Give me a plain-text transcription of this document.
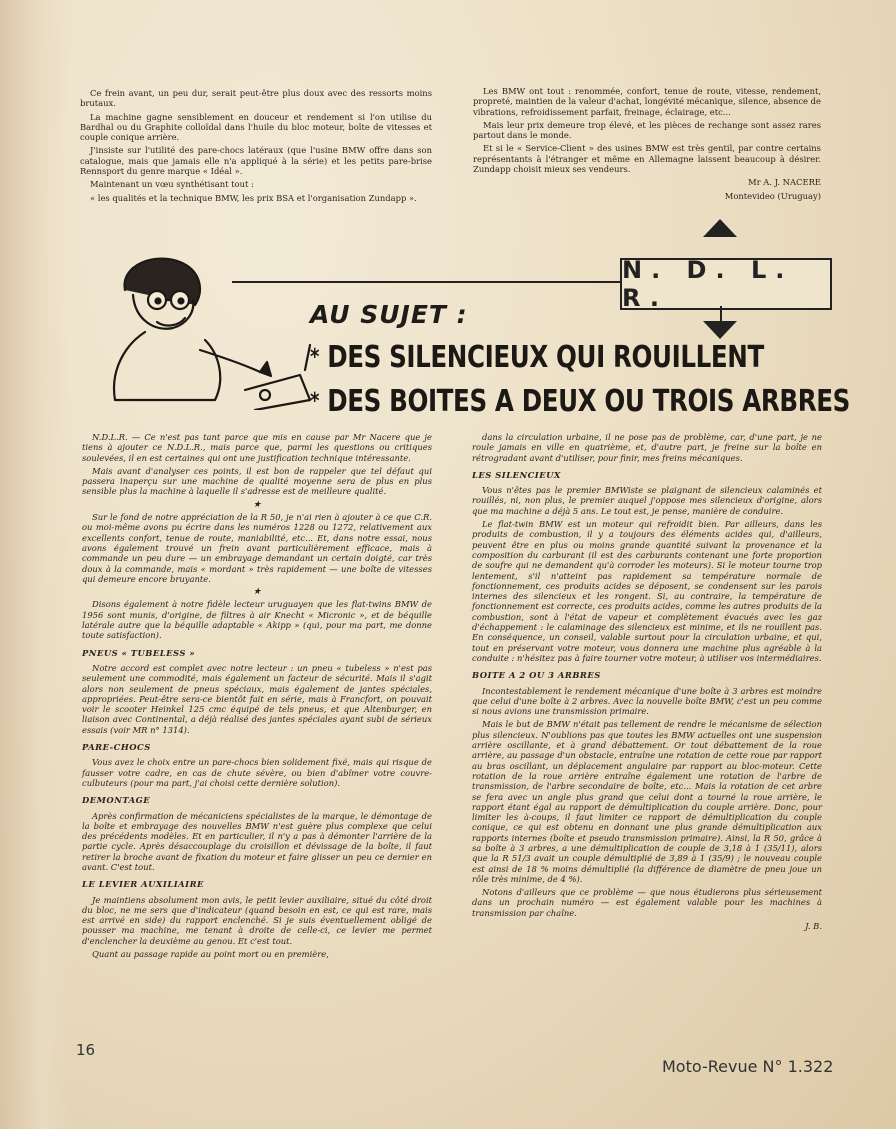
Ce frein avant, un peu dur, serait peut-être plus doux avec des ressorts moins brutaux.

La machine gagne sensiblement en douceur et rendement si l'on utilise du Bardhal ou du Graphite colloïdal dans l'huile du bloc moteur, boîte de vitesses et couple conique arrière.

J'insiste sur l'utilité des pare-chocs latéraux (que l'usine BMW offre dans son catalogue, mais que jamais elle n'a appliqué à la série) et les petits pare-brise Rennsport du genre marque « Idéal ».

Maintenant un vœu synthétisant tout :

« les qualités et la technique BMW, les prix BSA et l'organisation Zundapp ».

Les BMW ont tout : renommée, confort, tenue de route, vitesse, rendement, propreté, maintien de la valeur d'achat, longévité mécanique, silence, absence de vibrations, refroidissement parfait, freinage, éclairage, etc...

Mais leur prix demeure trop élevé, et les pièces de rechange sont assez rares partout dans le monde.

Et si le « Service-Client » des usines BMW est très gentil, par contre certains représentants à l'étranger et même en Allemagne laissent beaucoup à désirer. Zundapp choisit mieux ses vendeurs.

Mr A. J. NACERE

Montevideo (Uruguay)

N. D. L. R.
AU SUJET :
* DES SILENCIEUX QUI ROUILLENT
* DES BOITES A DEUX OU TROIS ARBRES

N.D.L.R. — Ce n'est pas tant parce que mis en cause par Mr Nacere que je tiens à ajouter ce N.D.L.R., mais parce que, parmi les questions ou critiques soulevées, il en est certaines qui ont une justification technique intéressante.

Mais avant d'analyser ces points, il est bon de rappeler que tel défaut qui passera inaperçu sur une machine de qualité moyenne sera de plus en plus sensible plus la machine à laquelle il s'adresse est de meilleure qualité.

★

Sur le fond de notre appréciation de la R 50, je n'ai rien à ajouter à ce que C.R. ou moi-même avons pu écrire dans les numéros 1228 ou 1272, relativement aux excellents confort, tenue de route, maniabilité, etc... Et, dans notre essai, nous avons également trouvé un frein avant particulièrement efficace, mais à commande un peu dure — un embrayage demandant un certain doigté, car très doux à la commande, mais « mordant » très rapidement — une boîte de vitesses qui demeure encore bruyante.

★

Disons également à notre fidèle lecteur uruguayen que les flat-twins BMW de 1956 sont munis, d'origine, de filtres à air Knecht « Micronic », et de béquille latérale autre que la béquille adaptable « Akipp » (qui, pour ma part, me donne toute satisfaction).

PNEUS « TUBELESS »

Notre accord est complet avec notre lecteur : un pneu « tubeless » n'est pas seulement une commodité, mais également un facteur de sécurité. Mais il s'agit alors non seulement de pneus spéciaux, mais également de jantes spéciales, appropriées. Peut-être sera-ce bientôt fait en série, mais à Francfort, on pouvait voir le scooter Heinkel 125 cmc équipé de tels pneus, et que Altenburger, en liaison avec Continental, a déjà réalisé des jantes spéciales ayant subi de sérieux essais (voir MR n° 1314).

PARE-CHOCS

Vous avez le choix entre un pare-chocs bien solidement fixé, mais qui risque de fausser votre cadre, en cas de chute sévère, ou bien d'abîmer votre couvre-culbuteurs (pour ma part, j'ai choisi cette dernière solution).

DEMONTAGE

Après confirmation de mécaniciens spécialistes de la marque, le démontage de la boîte et embrayage des nouvelles BMW n'est guère plus complexe que celui des précédents modèles. Et en particulier, il n'y a pas à démonter l'arrière de la partie cycle. Après désaccouplage du croisillon et dévissage de la boîte, il faut retirer la broche avant de fixation du moteur et faire glisser un peu ce dernier en avant. C'est tout.

LE LEVIER AUXILIAIRE

Je maintiens absolument mon avis, le petit levier auxiliaire, situé du côté droit du bloc, ne me sers que d'indicateur (quand besoin en est, ce qui est rare, mais est arrivé en side) du rapport enclenché. Si je suis éventuellement obligé de pousser ma machine, me tenant à droite de celle-ci, ce levier me permet d'enclencher la deuxième au genou. Et c'est tout.

Quant au passage rapide au point mort ou en première,

dans la circulation urbaine, il ne pose pas de problème, car, d'une part, je ne roule jamais en ville en quatrième, et, d'autre part, je freine sur la boîte en rétrogradant avant d'utiliser, pour finir, mes freins mécaniques.

LES SILENCIEUX

Vous n'êtes pas le premier BMWiste se plaignant de silencieux calaminés et rouillés, ni, non plus, le premier auquel j'oppose mes silencieux d'origine, alors que ma machine a déjà 5 ans. Le tout est, je pense, manière de conduire.

Le flat-twin BMW est un moteur qui refroidit bien. Par ailleurs, dans les produits de combustion, il y a toujours des éléments acides qui, d'ailleurs, peuvent être en plus ou moins grande quantité suivant la provenance et la composition du carburant (il est des carburants contenant une forte proportion de soufre qui ne demandent qu'à corroder les moteurs). Si le moteur tourne trop lentement, s'il n'atteint pas rapidement sa température normale de fonctionnement, ces produits acides se déposent, se condensent sur les parois internes des silencieux et les rongent. Si, au contraire, la température de fonctionnement est correcte, ces produits acides, comme les autres produits de la combustion, sont à l'état de vapeur et complètement évacués avec les gaz d'échappement : le calaminage des silencieux est minime, et ils ne rouillent pas. En conséquence, un conseil, valable surtout pour la circulation urbaine, et qui, tout en préservant votre moteur, vous donnera une machine plus agréable à la conduite : n'hésitez pas à faire tourner votre moteur, à utiliser vos intermédiaires.

BOITE A 2 OU 3 ARBRES

Incontestablement le rendement mécanique d'une boîte à 3 arbres est moindre que celui d'une boîte à 2 arbres. Avec la nouvelle boîte BMW, c'est un peu comme si nous avions une transmission primaire.

Mais le but de BMW n'était pas tellement de rendre le mécanisme de sélection plus silencieux. N'oublions pas que toutes les BMW actuelles ont une suspension arrière oscillante, et à grand débattement. Or tout débattement de la roue arrière, au passage d'un obstacle, entraîne une rotation de cette roue par rapport au bras oscillant, un déplacement angulaire par rapport au bloc-moteur. Cette rotation de la roue arrière entraîne également une rotation de l'arbre de transmission, de l'arbre secondaire de boîte, etc... Mais la rotation de cet arbre se fera avec un angle plus grand que celui dont a tourné la roue arrière, le rapport étant égal au rapport de démultiplication du couple arrière. Donc, pour limiter les à-coups, il faut limiter ce rapport de démultiplication du couple conique, ce qui est obtenu en donnant une plus grande démultiplication aux rapports internes (boîte et pseudo transmission primaire). Ainsi, la R 50, grâce à sa boîte à 3 arbres, a une démultiplication de couple de 3,18 à 1 (35/11), alors que la R 51/3 avait un couple démultiplié de 3,89 à 1 (35/9) ; le nouveau couple est ainsi de 18 % moins démultiplié (la différence de diamètre de pneu joue un rôle très minime, de 4 %).

Notons d'ailleurs que ce problème — que nous étudierons plus sérieusement dans un prochain numéro — est également valable pour les machines à transmission par chaîne.

J. B.

16
Moto-Revue N° 1.322
